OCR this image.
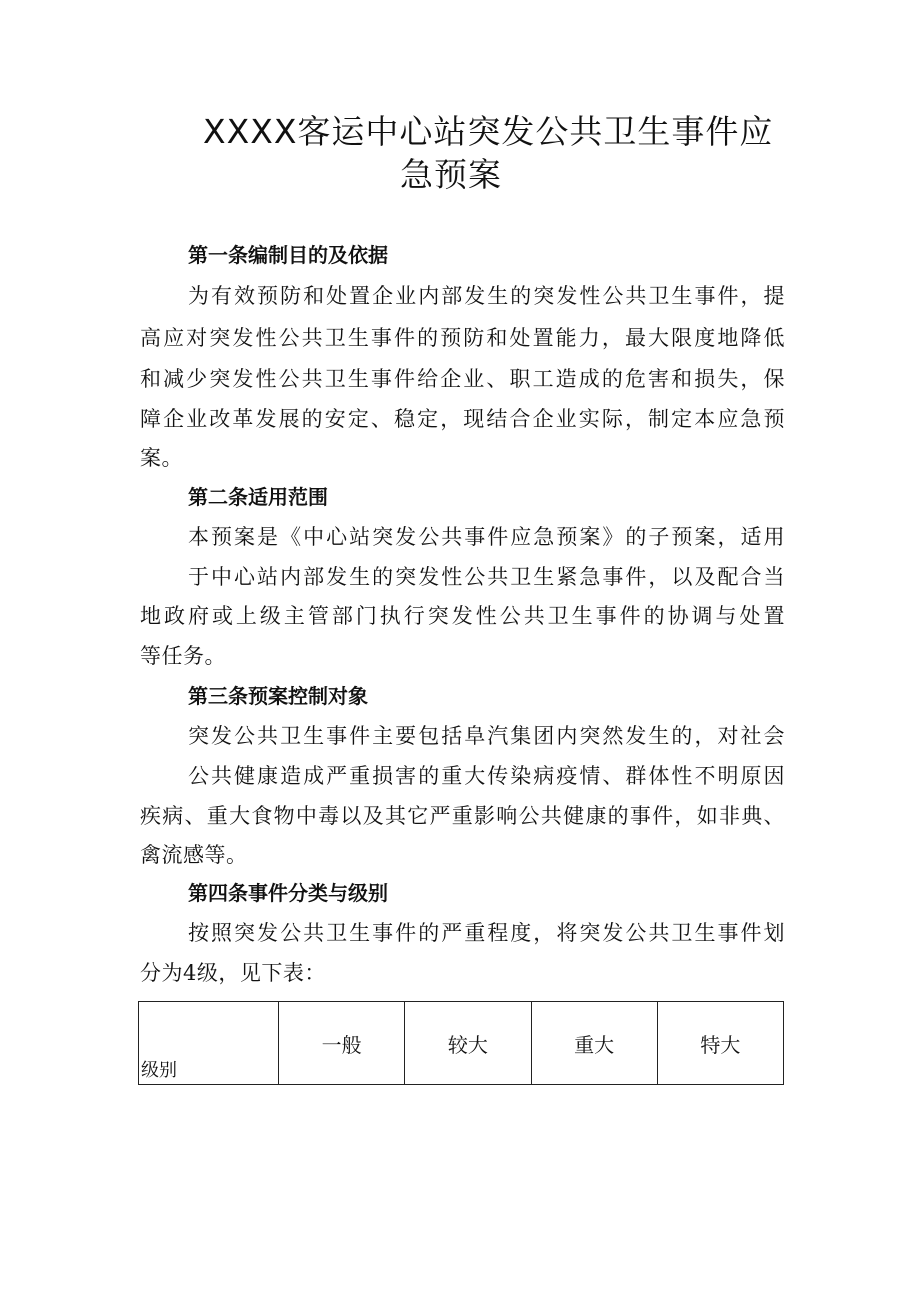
XXXX客运中心站突发公共卫生事件应
急预案
第一条编制目的及依据
为有效预防和处置企业内部发生的突发性公共卫生事件，提
高应对突发性公共卫生事件的预防和处置能力，最大限度地降低
和减少突发性公共卫生事件给企业、职工造成的危害和损失，保
障企业改革发展的安定、稳定，现结合企业实际，制定本应急预
案。
第二条适用范围
本预案是《中心站突发公共事件应急预案》的子预案，适用
于中心站内部发生的突发性公共卫生紧急事件，以及配合当
地政府或上级主管部门执行突发性公共卫生事件的协调与处置
等任务。
第三条预案控制对象
突发公共卫生事件主要包括阜汽集团内突然发生的，对社会
公共健康造成严重损害的重大传染病疫情、群体性不明原因
疾病、重大食物中毒以及其它严重影响公共健康的事件，如非典、
禽流感等。
第四条事件分类与级别
按照突发公共卫生事件的严重程度，将突发公共卫生事件划
分为4级，见下表：
级别	一般	较大	重大	特大
